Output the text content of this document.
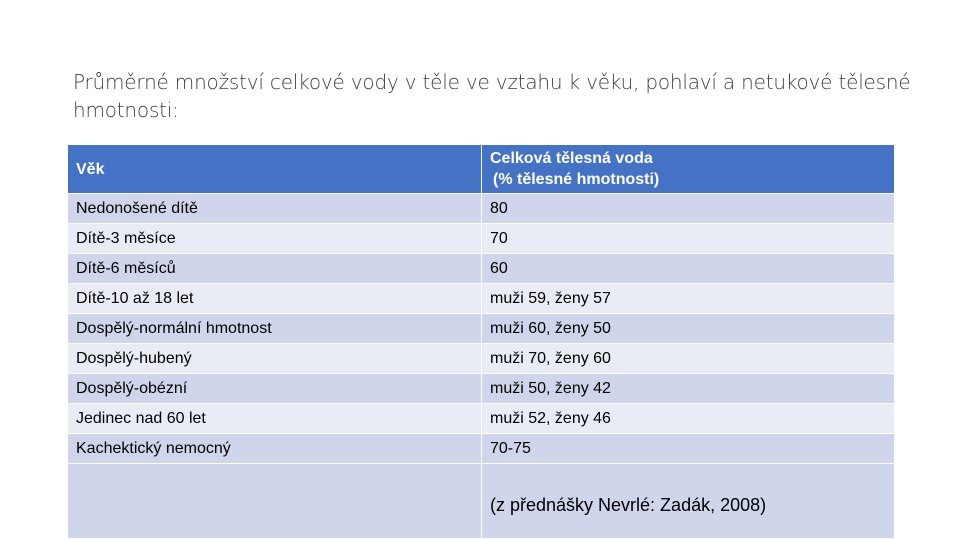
Průměrné množství celkové vody v těle ve vztahu k věku, pohlaví a netukové tělesné hmotnosti:
Věk	Celková tělesná voda
(% tělesné hmotnosti)

Nedonošené dítě	80
Dítě-3 měsíce	70
Dítě-6 měsíců	60
Dítě-10 až 18 let	muži 59, ženy 57
Dospělý-normální hmotnost	muži 60, ženy 50
Dospělý-hubený	muži 70, ženy 60
Dospělý-obézní	muži 50, ženy 42
Jedinec nad 60 let	muži 52, ženy 46
Kachektický nemocný	70-75
	(z přednášky Nevrlé: Zadák, 2008)
